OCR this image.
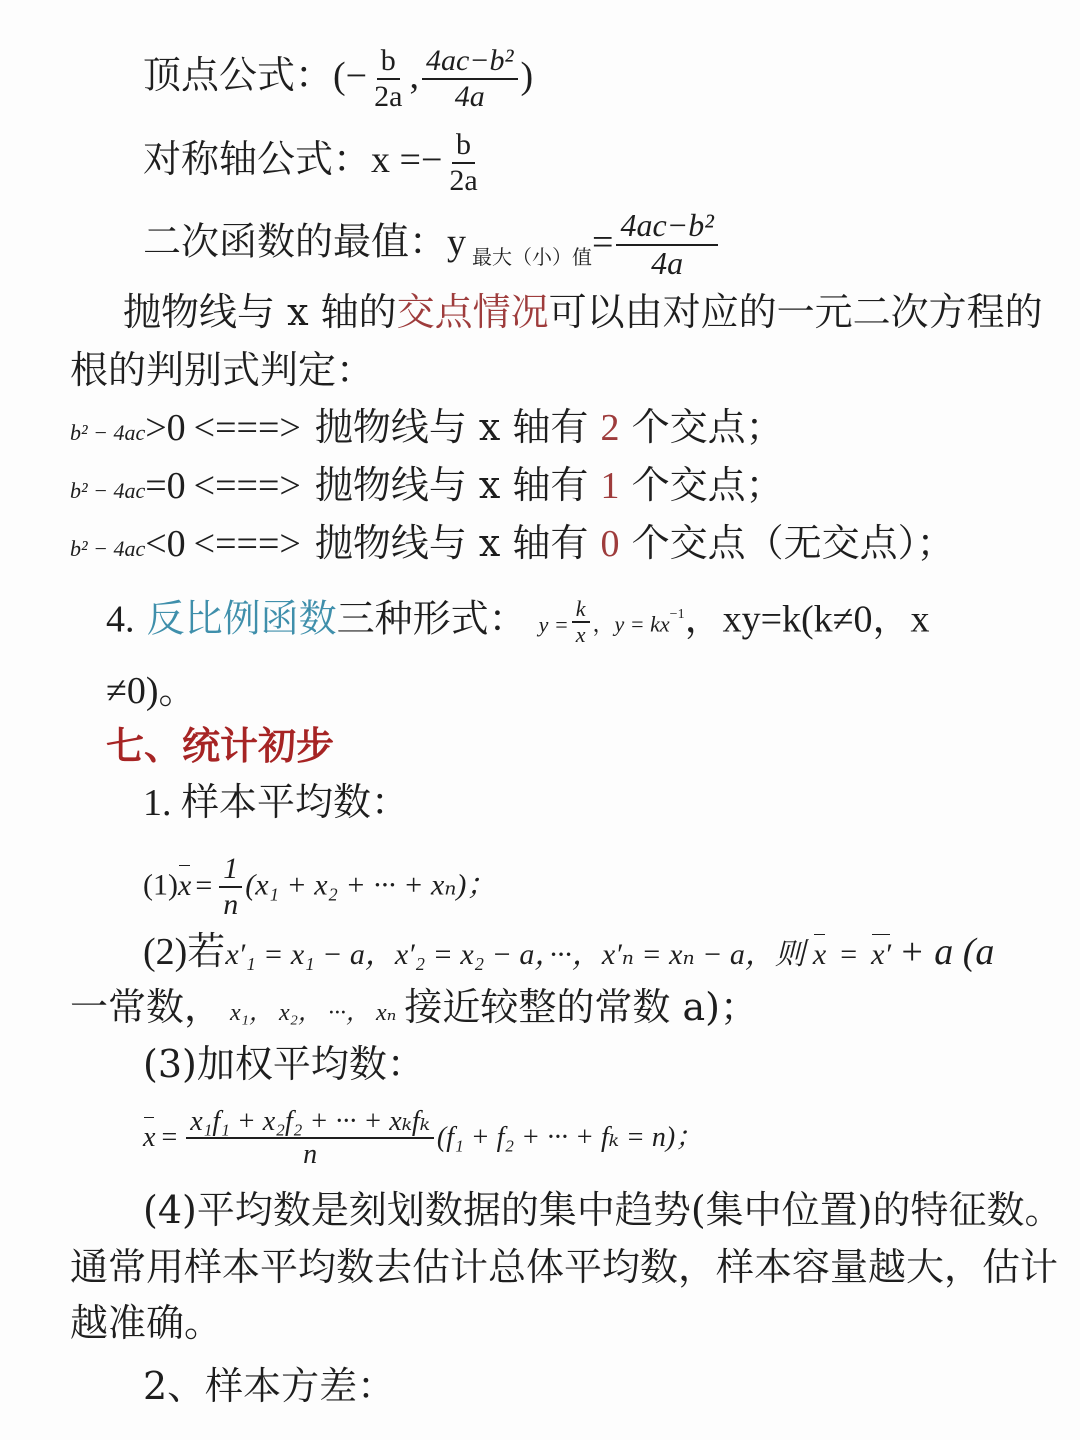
顶点公式：(− $\frac{b}{2a}$ , $\frac{\text{4ac−b²}}{4a}$ )
对称轴公式：$x =- \frac{b}{2a}$
二次函数的最值：y $_{最大(小)值}= \frac{\text{4ac−b²}}{4a}$
抛物线与 x 轴的交点情况可以由对应的一元二次方程的
根的判别式判定：
b² − 4ac>0 <===> 抛物线与 x 轴有 2 个交点；
b² − 4ac=0 <===> 抛物线与 x 轴有 1 个交点；
b² − 4ac<0 <===> 抛物线与 x 轴有 0 个交点（无交点）；
4. 反比例函数三种形式： $y = \frac{k}{x}$ ，$y = kx^{-1}$，xy=k(k≠0，x
≠0)。
七、统计初步
1. 样本平均数：
$(1)x = \frac{1}{n} (x_1 + x_2$ + ··· + xₙ)；
(2)若x′₁ = x₁ − a，x′₂ = x₂ − a，···，x′ₙ = xₙ − a，则 x = x′ + a (a
一常数， x₁， x₂， ···， xₙ 接近较整的常数 a)；
(3)加权平均数：
$x = \frac{\text{x₁f₁ + x₂f₂ + ··· + xₖfₖ}}{n} (f_1 + f_2$ + ··· + fₖ = n)；
(4)平均数是刻划数据的集中趋势(集中位置)的特征数。
通常用样本平均数去估计总体平均数，样本容量越大，估计
越准确。
2、样本方差：
